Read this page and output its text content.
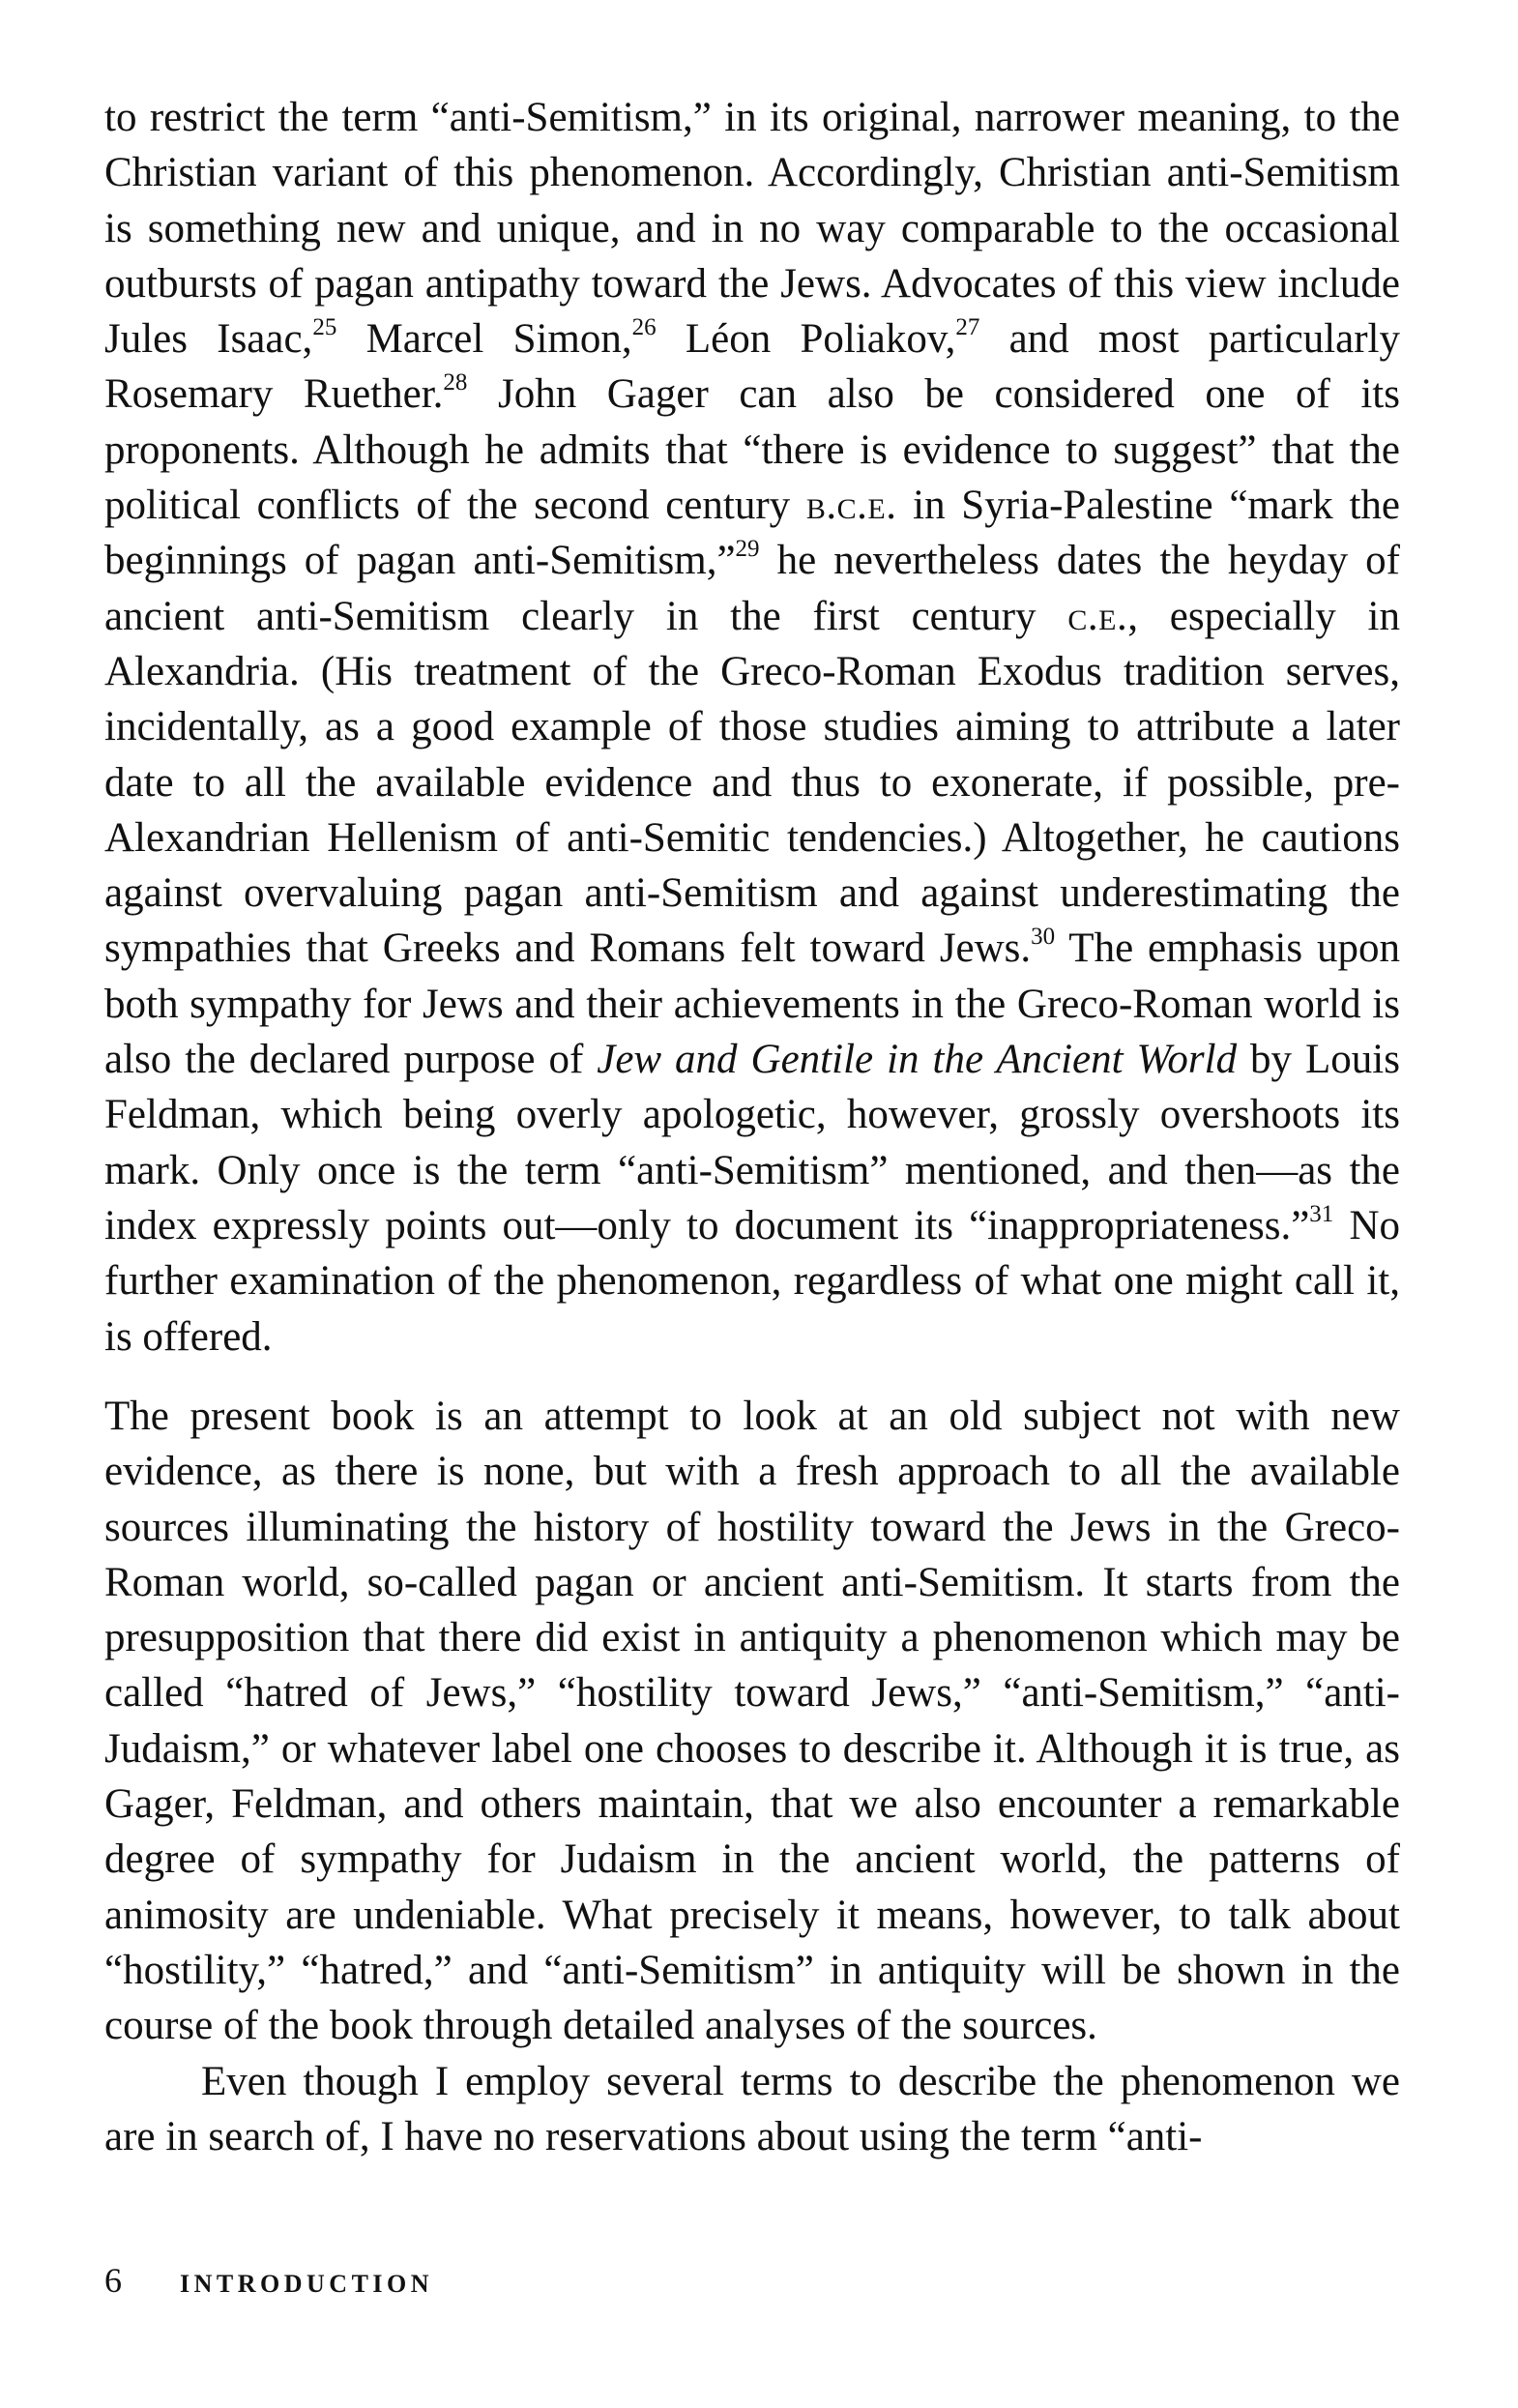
to restrict the term “anti-Semitism,” in its original, narrower meaning, to the Christian variant of this phenomenon. Accordingly, Christian anti-Semitism is something new and unique, and in no way comparable to the occasional outbursts of pagan antipathy toward the Jews. Advocates of this view include Jules Isaac,$^{25}$ Marcel Simon,$^{26}$ Léon Poliakov,$^{27}$ and most particularly Rosemary Ruether.$^{28}$ John Gager can also be considered one of its proponents. Although he admits that “there is evidence to suggest” that the political conflicts of the second century b.c.e. in Syria-Palestine “mark the beginnings of pagan anti-Semitism,”$^{29}$ he nevertheless dates the heyday of ancient anti-Semitism clearly in the first century c.e., especially in Alexandria. (His treatment of the Greco-Roman Exodus tradition serves, incidentally, as a good example of those studies aiming to attribute a later date to all the available evidence and thus to exonerate, if possible, pre-Alexandrian Hellenism of anti-Semitic tendencies.) Altogether, he cautions against overvaluing pagan anti-Semitism and against underestimating the sympathies that Greeks and Romans felt toward Jews.$^{30}$ The emphasis upon both sympathy for Jews and their achievements in the Greco-Roman world is also the declared purpose of Jew and Gentile in the Ancient World by Louis Feldman, which being overly apologetic, however, grossly overshoots its mark. Only once is the term “anti-Semitism” mentioned, and then—as the index expressly points out—only to document its “inappropriateness.”$^{31}$ No further examination of the phenomenon, regardless of what one might call it, is offered.

The present book is an attempt to look at an old subject not with new evidence, as there is none, but with a fresh approach to all the available sources illuminating the history of hostility toward the Jews in the Greco-Roman world, so-called pagan or ancient anti-Semitism. It starts from the presupposition that there did exist in antiquity a phenomenon which may be called “hatred of Jews,” “hostility toward Jews,” “anti-Semitism,” “anti-Judaism,” or whatever label one chooses to describe it. Although it is true, as Gager, Feldman, and others maintain, that we also encounter a remarkable degree of sympathy for Judaism in the ancient world, the patterns of animosity are undeniable. What precisely it means, however, to talk about “hostility,” “hatred,” and “anti-Semitism” in antiquity will be shown in the course of the book through detailed analyses of the sources.

Even though I employ several terms to describe the phenomenon we are in search of, I have no reservations about using the term “anti-

6 INTRODUCTION
